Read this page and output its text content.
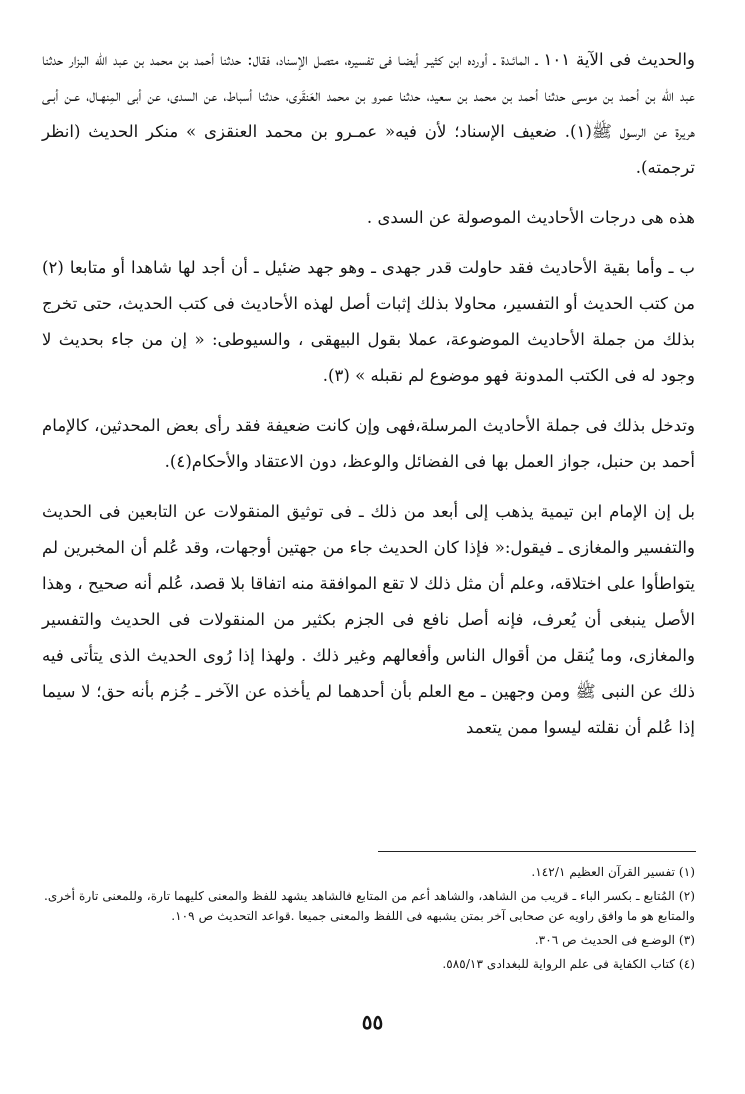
والحديث فى الآية ١٠١ ـ المائـدة ـ أورده ابن كثيـر أيضـا فى تفسيره، متصل الإسناد، فقال: حدثنا أحمد بن محمد بن عبد الله البزار حدثنا عبد الله بن أحمد بن موسى حدثنا أحمد بن محمد بن سعيد، حدثنا عمرو بن محمد العَنقَرى، حدثنا أسباط، عن السدى، عن أبى المِنهـال، عـن أبـى هريرة عن الرسول ﷺ(١). ضعيف الإسناد؛ لأن فيه« عمـرو بن محمد العنقزى » منكر الحديث (انظر ترجمته).

هذه هى درجات الأحاديث الموصولة عن السدى .

ب ـ وأما بقية الأحاديث فقد حاولت قدر جهدى ـ وهو جهد ضئيل ـ أن أجد لها شاهدا أو متابعا (٢) من كتب الحديث أو التفسير، محاولا بذلك إثبات أصل لهذه الأحاديث فى كتب الحديث، حتى تخرج بذلك من جملة الأحاديث الموضوعة، عملا بقول البيهقى ، والسيوطى: « إن من جاء بحديث لا وجود له فى الكتب المدونة فهو موضوع لم نقبله » (٣).

وتدخل بذلك فى جملة الأحاديث المرسلة،فهى وإن كانت ضعيفة فقد رأى بعض المحدثين، كالإمام أحمد بن حنبل، جواز العمل بها فى الفضائل والوعظ، دون الاعتقاد والأحكام(٤).

بل إن الإمام ابن تيمية يذهب إلى أبعد من ذلك ـ فى توثيق المنقولات عن التابعين فى الحديث والتفسير والمغازى ـ فيقول:« فإذا كان الحديث جاء من جهتين أوجهات، وقد عُلم أن المخبرين لم يتواطأوا على اختلاقه، وعلم أن مثل ذلك لا تقع الموافقة منه اتفاقا بلا قصد، عُلم أنه صحيح ، وهذا الأصل ينبغى أن يُعرف، فإنه أصل نافع فى الجزم بكثير من المنقولات فى الحديث والتفسير والمغازى، وما يُنقل من أقوال الناس وأفعالهم وغير ذلك . ولهذا إذا رُوى الحديث الذى يتأتى فيه ذلك عن النبى ﷺ ومن وجهين ـ مع العلم بأن أحدهما لم يأخذه عن الآخر ـ جُزم بأنه حق؛ لا سيما إذا عُلم أن نقلته ليسوا ممن يتعمد

(١) تفسير القرآن العظيم ١٤٢/١.

(٢) المُتابع ـ بكسر الباء ـ قريب من الشاهد، والشاهد أعم من المتابع فالشاهد يشهد للفظ والمعنى كليهما تارة، وللمعنى تارة أخرى. والمتابع هو ما وافق راويه عن صحابى آخر بمتن يشبهه فى اللفظ والمعنى جميعا .قواعد التحديث ص ١٠٩.

(٣) الوضـع فى الحديث ص ٣٠٦.

(٤) كتاب الكفاية فى علم الرواية للبغدادى ٥٨٥/١٣.

٥٥
